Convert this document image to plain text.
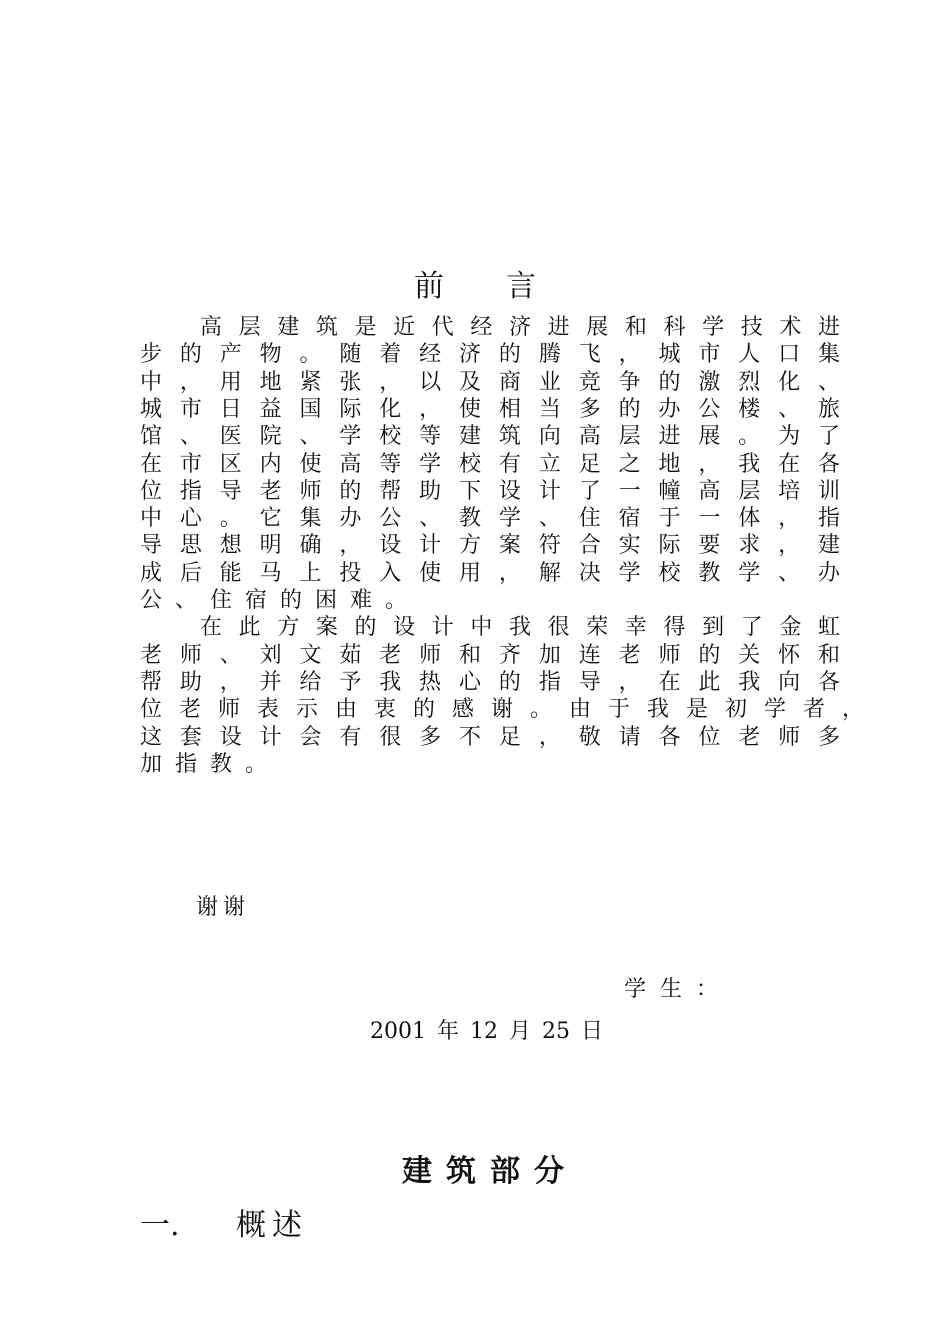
前言
高层建筑是近代经济进展和科学技术进
步的产物。随着经济的腾飞，城市人口集
中，用地紧张，以及商业竞争的激烈化、
城市日益国际化，使相当多的办公楼、旅
馆、医院、学校等建筑向高层进展。为了
在市区内使高等学校有立足之地，我在各
位指导老师的帮助下设计了一幢高层培训
中心。它集办公、教学、住宿于一体，指
导思想明确，设计方案符合实际要求，建
成后能马上投入使用，解决学校教学、办
公、住宿的困难。
在此方案的设计中我很荣幸得到了金虹
老师、刘文茹老师和齐加连老师的关怀和
帮助，并给予我热心的指导，在此我向各
位老师表示由衷的感谢。由于我是初学者，
这套设计会有很多不足，敬请各位老师多
加指教。
谢谢
学生：
2001 年 12 月 25 日
建筑部分
一. 概述
